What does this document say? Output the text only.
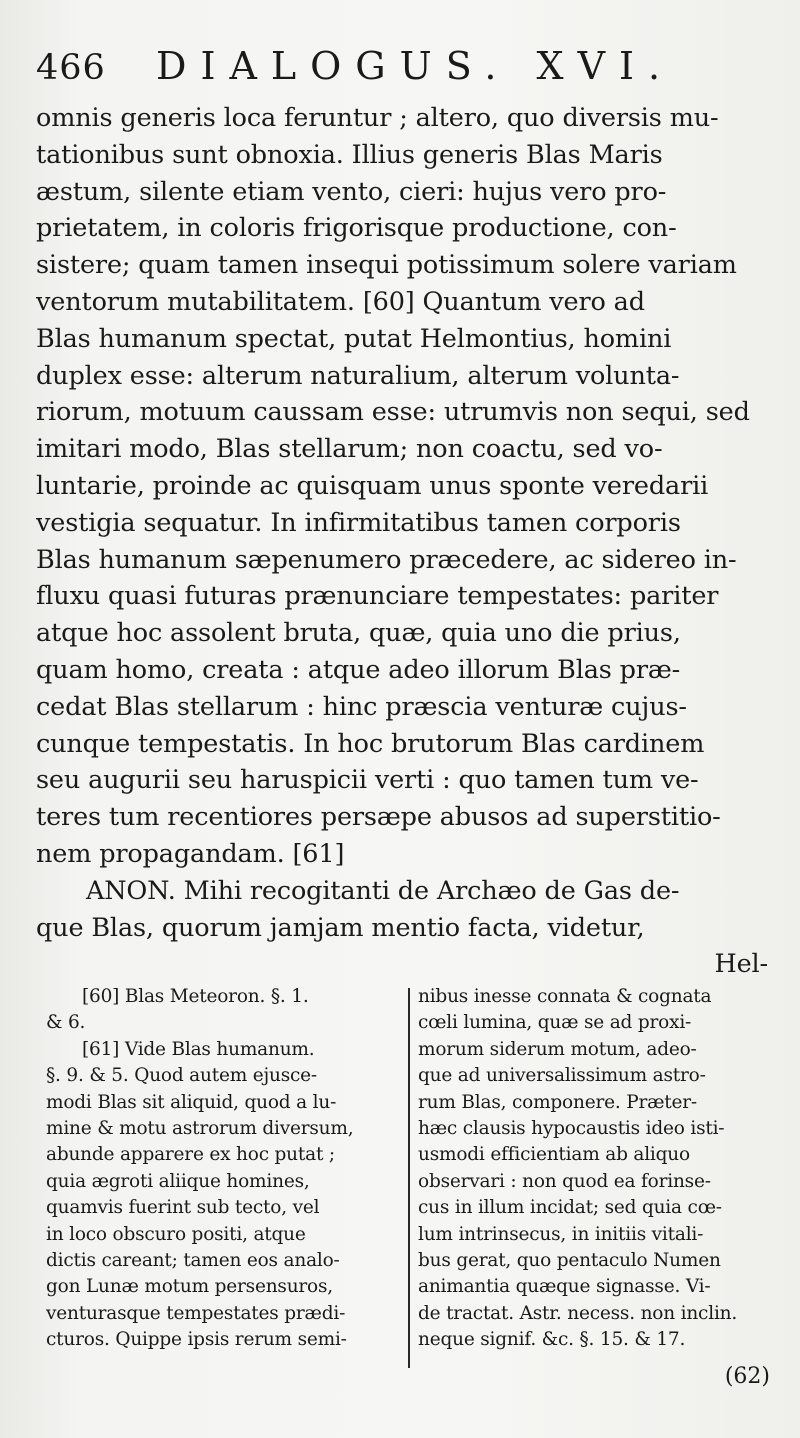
466 DIALOGUS. XVI.
omnis generis loca feruntur ; altero, quo diversis mu-
tationibus sunt obnoxia. Illius generis Blas Maris
æstum, silente etiam vento, cieri: hujus vero pro-
prietatem, in coloris frigorisque productione, con-
sistere; quam tamen insequi potissimum solere variam
ventorum mutabilitatem. [60] Quantum vero ad
Blas humanum spectat, putat Helmontius, homini
duplex esse: alterum naturalium, alterum volunta-
riorum, motuum caussam esse: utrumvis non sequi, sed
imitari modo, Blas stellarum; non coactu, sed vo-
luntarie, proinde ac quisquam unus sponte veredarii
vestigia sequatur. In infirmitatibus tamen corporis
Blas humanum sæpenumero præcedere, ac sidereo in-
fluxu quasi futuras prænunciare tempestates: pariter
atque hoc assolent bruta, quæ, quia uno die prius,
quam homo, creata : atque adeo illorum Blas præ-
cedat Blas stellarum : hinc præscia venturæ cujus-
cunque tempestatis. In hoc brutorum Blas cardinem
seu augurii seu haruspicii verti : quo tamen tum ve-
teres tum recentiores persæpe abusos ad superstitio-
nem propagandam. [61]
ANON. Mihi recogitanti de Archæo de Gas de-
que Blas, quorum jamjam mentio facta, videtur,
Hel-
[60] Blas Meteoron. §. 1.
& 6.
[61] Vide Blas humanum.
§. 9. & 5. Quod autem ejusce-
modi Blas sit aliquid, quod a lu-
mine & motu astrorum diversum,
abunde apparere ex hoc putat ;
quia ægroti aliique homines,
quamvis fuerint sub tecto, vel
in loco obscuro positi, atque
dictis careant; tamen eos analo-
gon Lunæ motum persensuros,
venturasque tempestates prædi-
cturos. Quippe ipsis rerum semi-
nibus inesse connata & cognata
cœli lumina, quæ se ad proxi-
morum siderum motum, adeo-
que ad universalissimum astro-
rum Blas, componere. Præter-
hæc clausis hypocaustis ideo isti-
usmodi efficientiam ab aliquo
observari : non quod ea forinse-
cus in illum incidat; sed quia cœ-
lum intrinsecus, in initiis vitali-
bus gerat, quo pentaculo Numen
animantia quæque signasse. Vi-
de tractat. Astr. necess. non inclin.
neque signif. &c. §. 15. & 17.
(62)
